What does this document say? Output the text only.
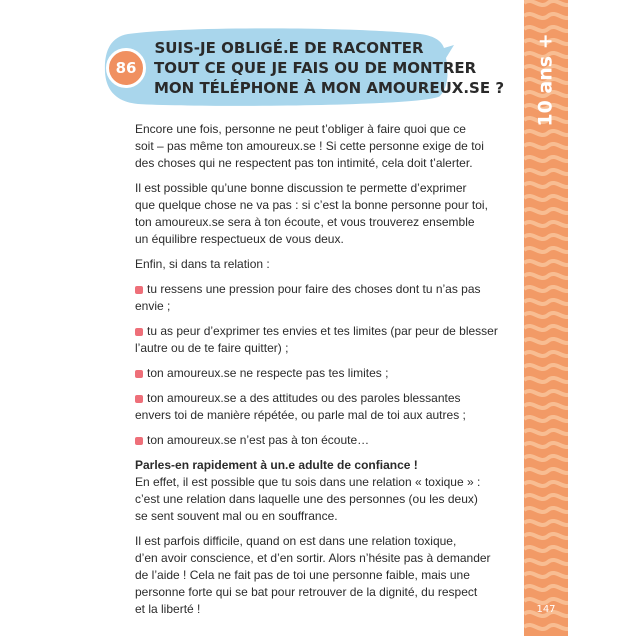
86
SUIS-JE OBLIGÉ.E DE RACONTER
TOUT CE QUE JE FAIS OU DE MONTRER
MON TÉLÉPHONE À MON AMOUREUX.SE ? 10 ans +
147

Encore une fois, personne ne peut t’obliger à faire quoi que ce
soit – pas même ton amoureux.se ! Si cette personne exige de toi
des choses qui ne respectent pas ton intimité, cela doit t’alerter.

Il est possible qu’une bonne discussion te permette d’exprimer
que quelque chose ne va pas : si c’est la bonne personne pour toi,
ton amoureux.se sera à ton écoute, et vous trouverez ensemble
un équilibre respectueux de vous deux.

Enfin, si dans ta relation :

tu ressens une pression pour faire des choses dont tu n’as pas
envie ;

tu as peur d’exprimer tes envies et tes limites (par peur de blesser
l’autre ou de te faire quitter) ;

ton amoureux.se ne respecte pas tes limites ;

ton amoureux.se a des attitudes ou des paroles blessantes
envers toi de manière répétée, ou parle mal de toi aux autres ;

ton amoureux.se n’est pas à ton écoute…

Parles-en rapidement à un.e adulte de confiance !
En effet, il est possible que tu sois dans une relation « toxique » :
c’est une relation dans laquelle une des personnes (ou les deux)
se sent souvent mal ou en souffrance.

Il est parfois difficile, quand on est dans une relation toxique,
d’en avoir conscience, et d’en sortir. Alors n’hésite pas à demander
de l’aide ! Cela ne fait pas de toi une personne faible, mais une
personne forte qui se bat pour retrouver de la dignité, du respect
et la liberté !
